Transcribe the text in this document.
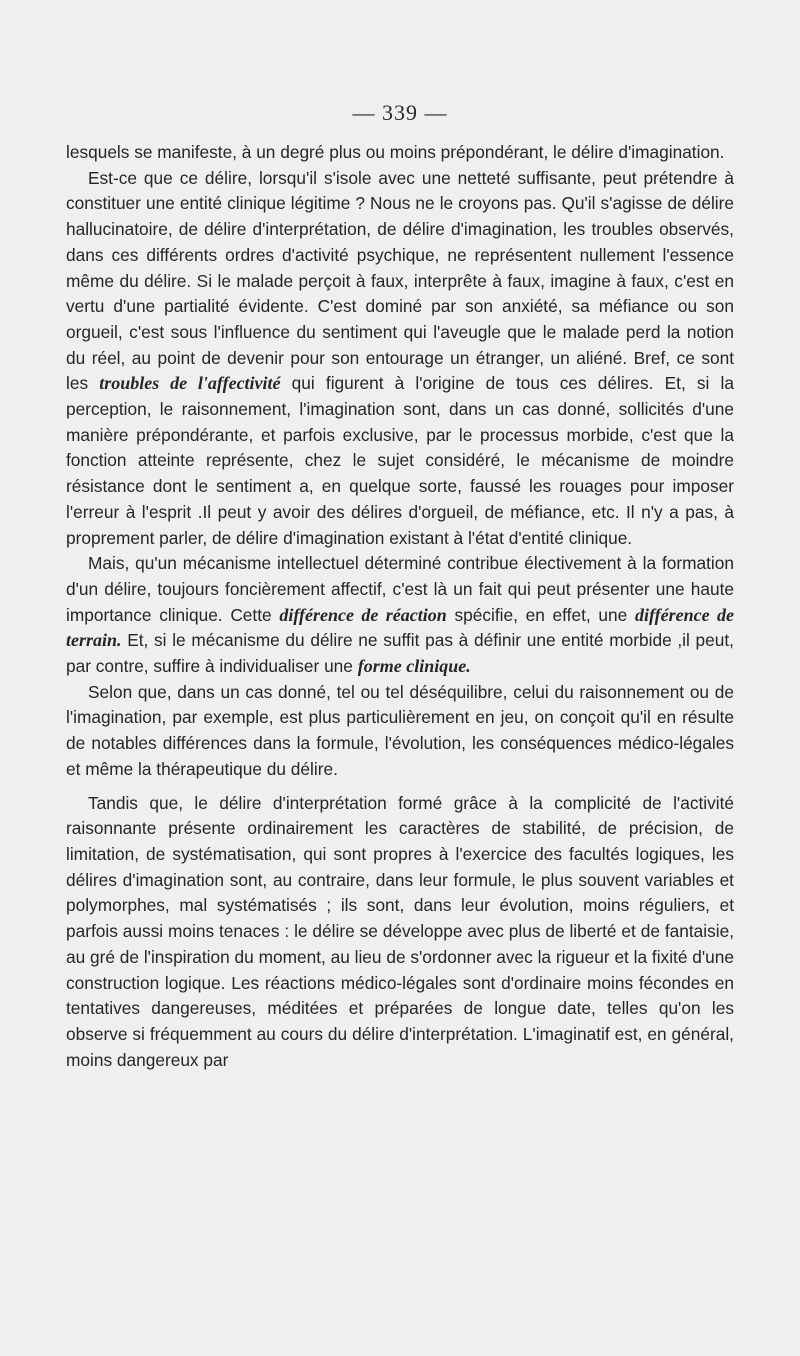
— 339 —

lesquels se manifeste, à un degré plus ou moins prépondérant, le délire d'imagination.

Est-ce que ce délire, lorsqu'il s'isole avec une netteté suffisante, peut prétendre à constituer une entité clinique légitime ? Nous ne le croyons pas. Qu'il s'agisse de délire hallucinatoire, de délire d'interprétation, de délire d'imagination, les troubles observés, dans ces différents ordres d'activité psychique, ne représentent nullement l'essence même du délire. Si le malade perçoit à faux, interprête à faux, imagine à faux, c'est en vertu d'une partialité évidente. C'est dominé par son anxiété, sa méfiance ou son orgueil, c'est sous l'influence du sentiment qui l'aveugle que le malade perd la notion du réel, au point de devenir pour son entourage un étranger, un aliéné. Bref, ce sont les troubles de l'affectivité qui figurent à l'origine de tous ces délires. Et, si la perception, le raisonnement, l'imagination sont, dans un cas donné, sollicités d'une manière prépondérante, et parfois exclusive, par le processus morbide, c'est que la fonction atteinte représente, chez le sujet considéré, le mécanisme de moindre résistance dont le sentiment a, en quelque sorte, faussé les rouages pour imposer l'erreur à l'esprit .Il peut y avoir des délires d'orgueil, de méfiance, etc. Il n'y a pas, à proprement parler, de délire d'imagination existant à l'état d'entité clinique.

Mais, qu'un mécanisme intellectuel déterminé contribue électivement à la formation d'un délire, toujours foncièrement affectif, c'est là un fait qui peut présenter une haute importance clinique. Cette différence de réaction spécifie, en effet, une différence de terrain. Et, si le mécanisme du délire ne suffit pas à définir une entité morbide ,il peut, par contre, suffire à individualiser une forme clinique.

Selon que, dans un cas donné, tel ou tel déséquilibre, celui du raisonnement ou de l'imagination, par exemple, est plus particulièrement en jeu, on conçoit qu'il en résulte de notables différences dans la formule, l'évolution, les conséquences médico-légales et même la thérapeutique du délire.

Tandis que, le délire d'interprétation formé grâce à la complicité de l'activité raisonnante présente ordinairement les caractères de stabilité, de précision, de limitation, de systématisation, qui sont propres à l'exercice des facultés logiques, les délires d'imagination sont, au contraire, dans leur formule, le plus souvent variables et polymorphes, mal systématisés ; ils sont, dans leur évolution, moins réguliers, et parfois aussi moins tenaces : le délire se développe avec plus de liberté et de fantaisie, au gré de l'inspiration du moment, au lieu de s'ordonner avec la rigueur et la fixité d'une construction logique. Les réactions médico-légales sont d'ordinaire moins fécondes en tentatives dangereuses, méditées et préparées de longue date, telles qu'on les observe si fréquemment au cours du délire d'interprétation. L'imaginatif est, en général, moins dangereux par
